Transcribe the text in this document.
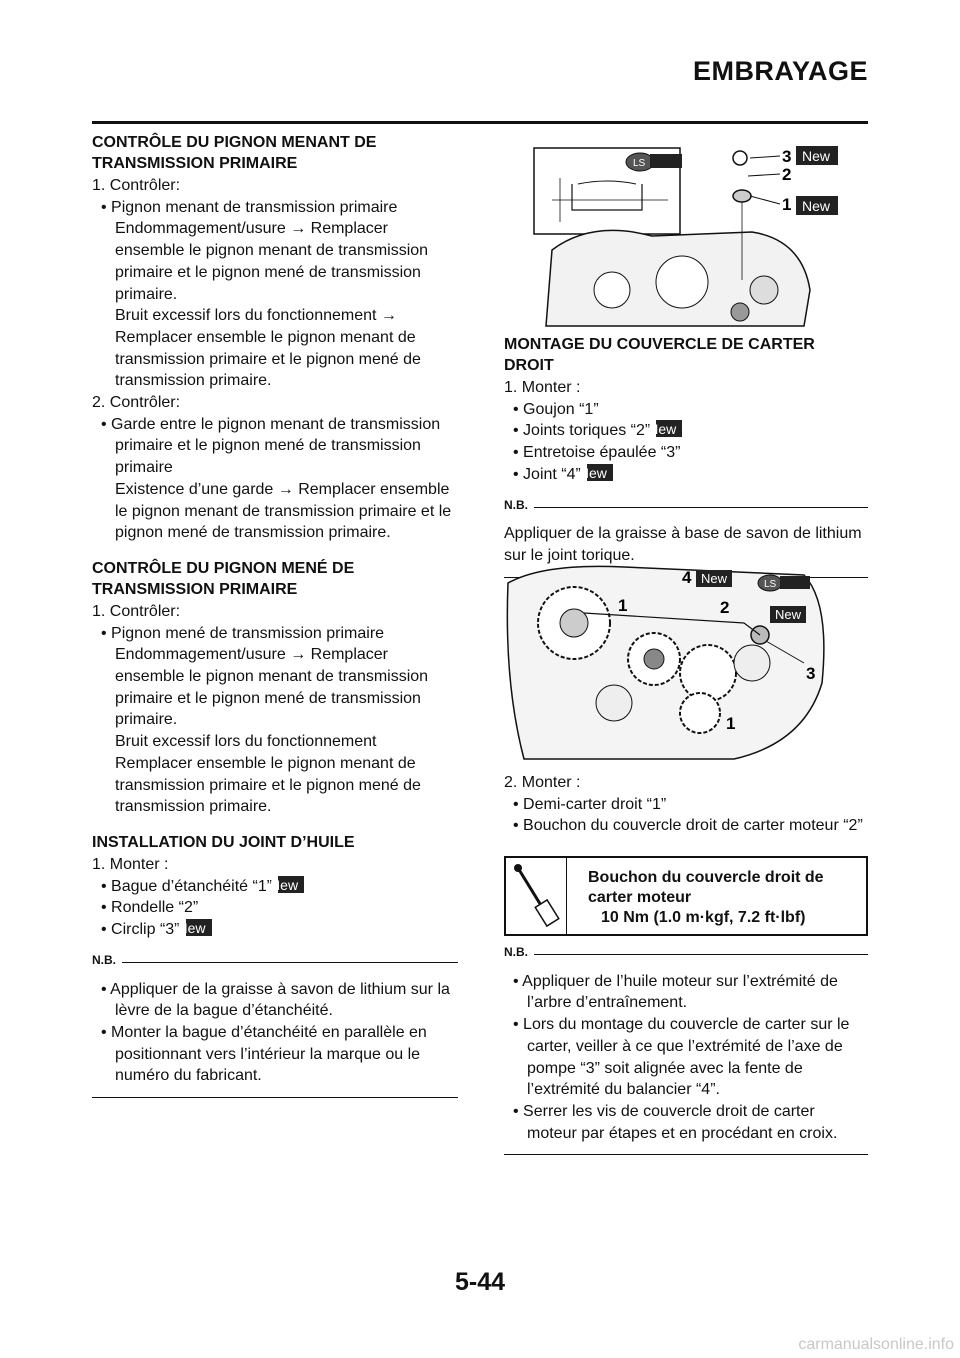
EMBRAYAGE
CONTRÔLE DU PIGNON MENANT DE TRANSMISSION PRIMAIRE

1. Contrôler:

• Pignon menant de transmission primaire

Endommagement/usure → Remplacer ensemble le pignon menant de transmission primaire et le pignon mené de transmission primaire.

Bruit excessif lors du fonctionnement → Remplacer ensemble le pignon menant de transmission primaire et le pignon mené de transmission primaire.

2. Contrôler:

• Garde entre le pignon menant de transmission primaire et le pignon mené de transmission primaire

Existence d’une garde → Remplacer ensemble le pignon menant de transmission primaire et le pignon mené de transmission primaire.

CONTRÔLE DU PIGNON MENÉ DE TRANSMISSION PRIMAIRE

1. Contrôler:

• Pignon mené de transmission primaire

Endommagement/usure → Remplacer ensemble le pignon menant de transmission primaire et le pignon mené de transmission primaire.

Bruit excessif lors du fonctionnement Remplacer ensemble le pignon menant de transmission primaire et le pignon mené de transmission primaire.

INSTALLATION DU JOINT D’HUILE

1. Monter :

• Bague d’étanchéité “1”New

• Rondelle “2”

• Circlip “3”New

N.B.

• Appliquer de la graisse à savon de lithium sur la lèvre de la bague d’étanchéité.

• Monter la bague d’étanchéité en parallèle en positionnant vers l’intérieur la marque ou le numéro du fabricant.

LS	3 New
2
1 New
MONTAGE DU COUVERCLE DE CARTER DROIT

1. Monter :

• Goujon “1”

• Joints toriques “2”New

• Entretoise épaulée “3”

• Joint “4”New

N.B.

Appliquer de la graisse à base de savon de lithium sur le joint torique.

LS
4 New
1	2	New
3
1

2. Monter :

• Demi-carter droit “1”

• Bouchon du couvercle droit de carter moteur “2”

Bouchon du couvercle droit de carter moteur
10 Nm (1.0 m·kgf, 7.2 ft·lbf)
N.B.

• Appliquer de l’huile moteur sur l’extrémité de l’arbre d’entraînement.

• Lors du montage du couvercle de carter sur le carter, veiller à ce que l’extrémité de l’axe de pompe “3” soit alignée avec la fente de l’extrémité du balancier “4”.

• Serrer les vis de couvercle droit de carter moteur par étapes et en procédant en croix.

5-44
carmanualsonline.info
